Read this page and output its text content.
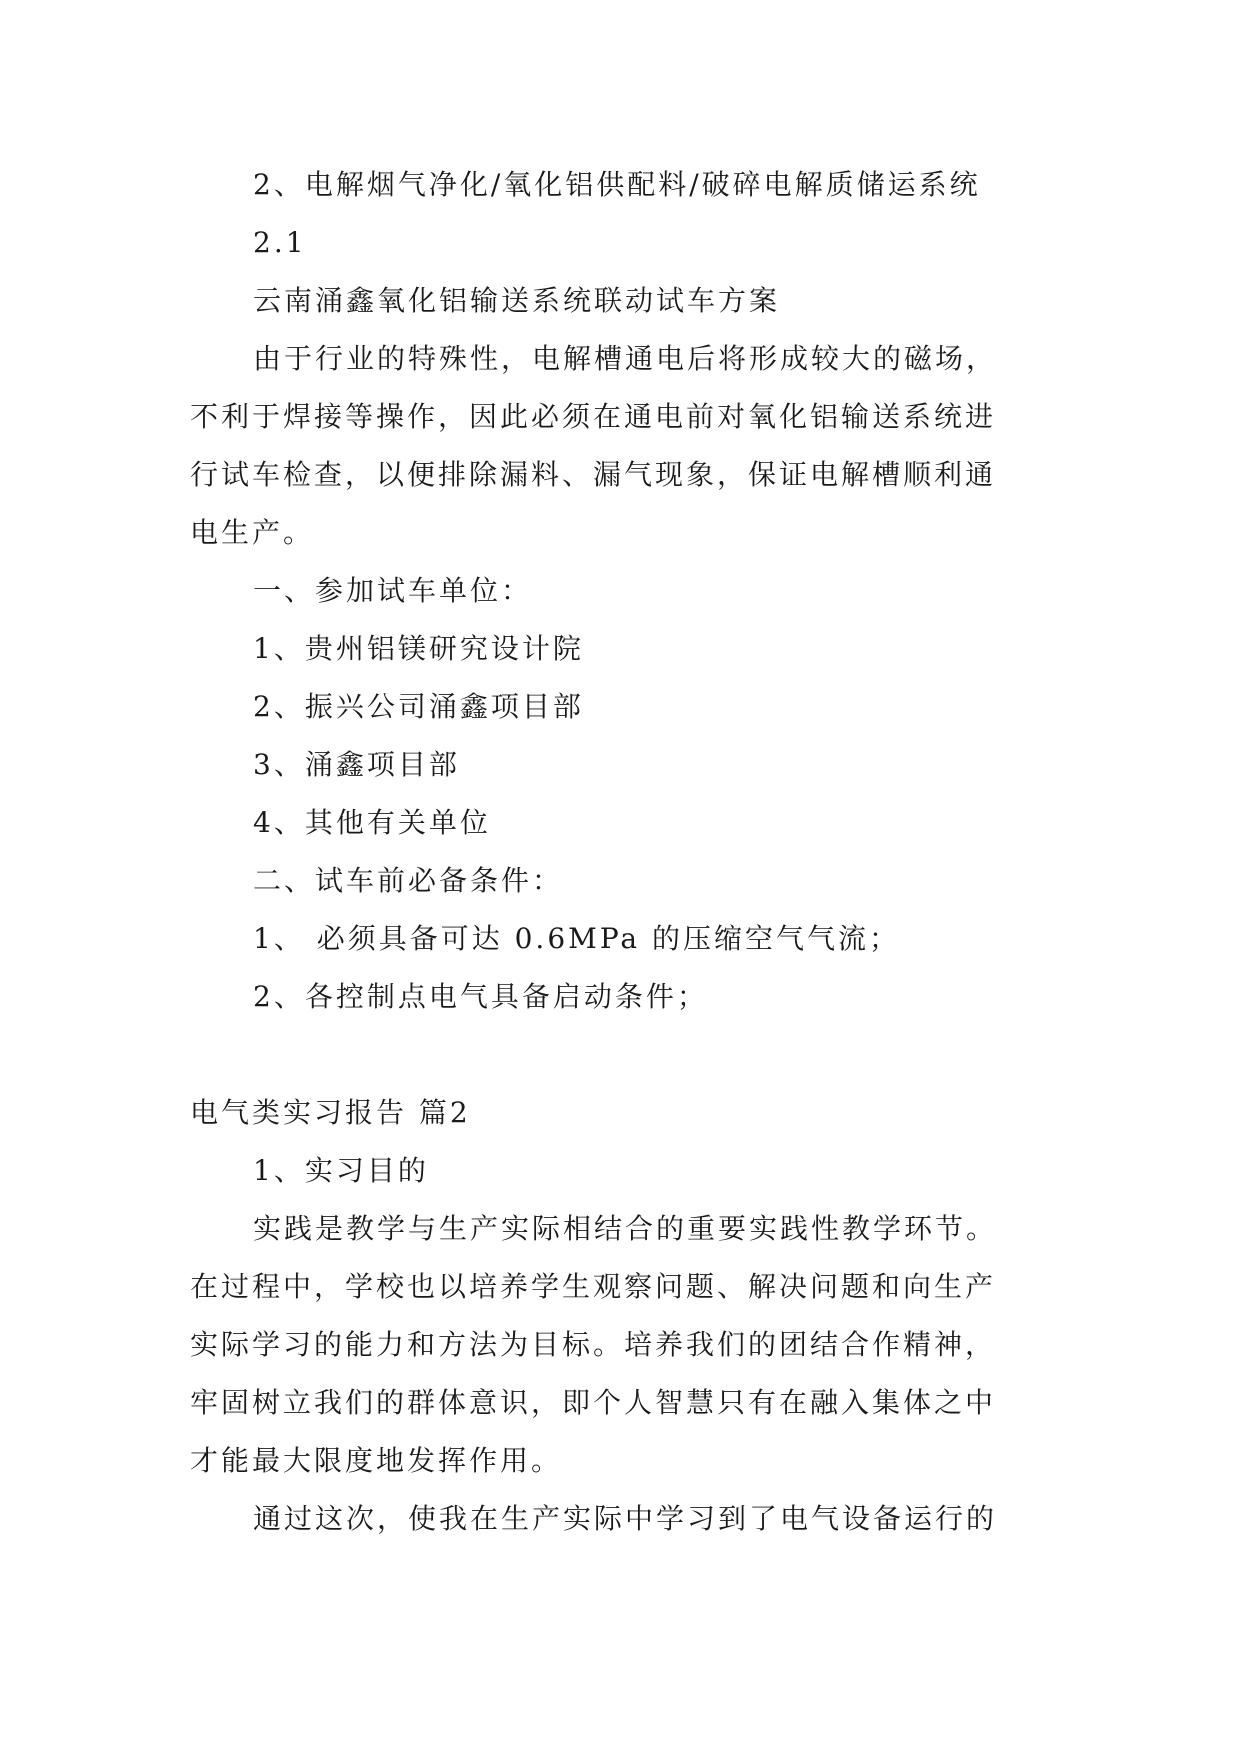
2、电解烟气净化/氧化铝供配料/破碎电解质储运系统
2.1
云南涌鑫氧化铝输送系统联动试车方案
由于行业的特殊性，电解槽通电后将形成较大的磁场，
不利于焊接等操作，因此必须在通电前对氧化铝输送系统进
行试车检查，以便排除漏料、漏气现象，保证电解槽顺利通
电生产。
一、参加试车单位：
1、贵州铝镁研究设计院
2、振兴公司涌鑫项目部
3、涌鑫项目部
4、其他有关单位
二、试车前必备条件：
1、 必须具备可达 0.6MPa 的压缩空气气流；
2、各控制点电气具备启动条件；
电气类实习报告 篇2
1、实习目的
实践是教学与生产实际相结合的重要实践性教学环节。
在过程中，学校也以培养学生观察问题、解决问题和向生产
实际学习的能力和方法为目标。培养我们的团结合作精神，
牢固树立我们的群体意识，即个人智慧只有在融入集体之中
才能最大限度地发挥作用。
通过这次，使我在生产实际中学习到了电气设备运行的
